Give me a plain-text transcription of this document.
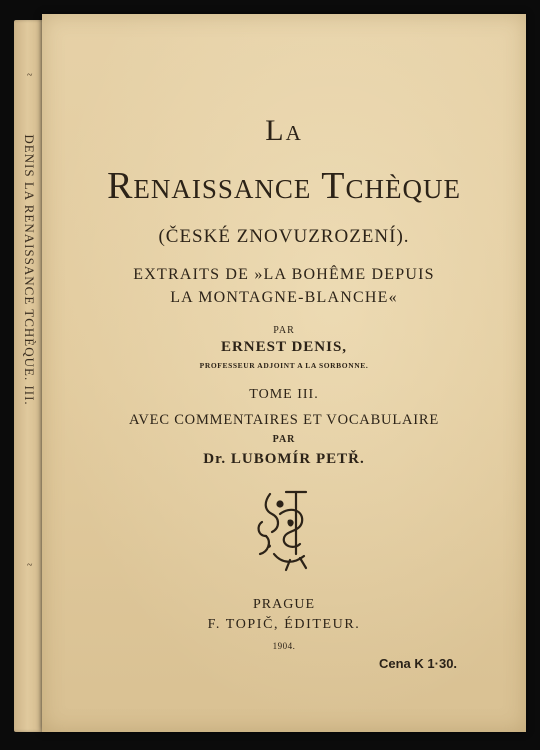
DENIS LA RENAISSANCE TCHÈQUE. III.
~
~
La
Renaissance Tchèque
(ČESKÉ ZNOVUZROZENÍ).
EXTRAITS DE »LA BOHÊME DEPUIS
LA MONTAGNE-BLANCHE«
PAR
ERNEST DENIS,
PROFESSEUR ADJOINT A LA SORBONNE.
TOME III.
AVEC COMMENTAIRES ET VOCABULAIRE
PAR
Dr. LUBOMÍR PETŘ.
PRAGUE
F. TOPIČ, ÉDITEUR.
1904.
Cena K 1·30.
